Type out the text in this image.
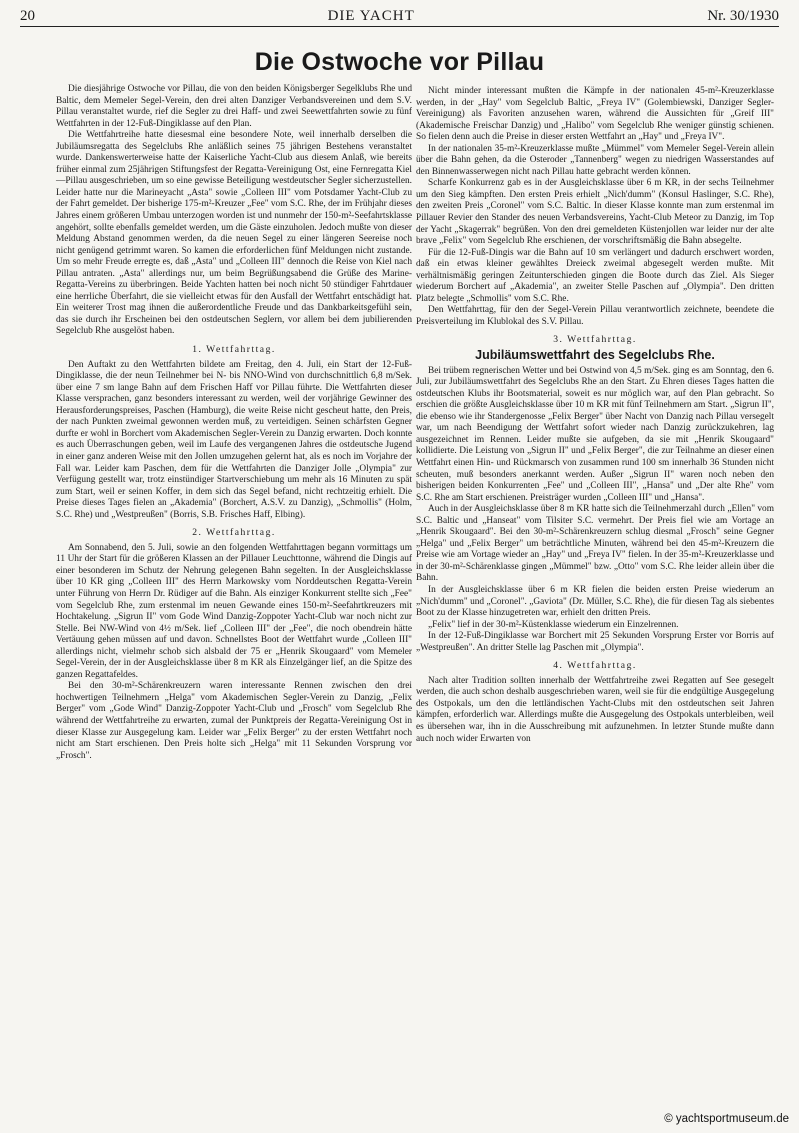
20	DIE YACHT	Nr. 30/1930
Die Ostwoche vor Pillau

Die diesjährige Ostwoche vor Pillau, die von den beiden Königsberger Segelklubs Rhe und Baltic, dem Memeler Segel-Verein, den drei alten Danziger Verbandsvereinen und dem S.V. Pillau veranstaltet wurde, rief die Segler zu drei Haff- und zwei Seewettfahrten sowie zu fünf Wettfahrten in der 12-Fuß-Dingiklasse auf den Plan.

Die Wettfahrtreihe hatte diesesmal eine besondere Note, weil innerhalb derselben die Jubiläumsregatta des Segelclubs Rhe anläßlich seines 75 jährigen Bestehens veranstaltet wurde. Dankenswerterweise hatte der Kaiserliche Yacht-Club aus diesem Anlaß, wie bereits früher einmal zum 25jährigen Stiftungsfest der Regatta-Vereinigung Ost, eine Fernregatta Kiel—Pillau ausgeschrieben, um so eine gewisse Beteiligung westdeutscher Segler sicherzustellen. Leider hatte nur die Marineyacht „Asta" sowie „Colleen III" vom Potsdamer Yacht-Club zu der Fahrt gemeldet. Der bisherige 175-m²-Kreuzer „Fee" vom S.C. Rhe, der im Frühjahr dieses Jahres einem größeren Umbau unterzogen worden ist und nunmehr der 150-m²-Seefahrtsklasse angehört, sollte ebenfalls gemeldet werden, um die Gäste einzuholen. Jedoch mußte von dieser Meldung Abstand genommen werden, da die neuen Segel zu einer längeren Seereise noch nicht genügend getrimmt waren. So kamen die erforderlichen fünf Meldungen nicht zustande. Um so mehr Freude erregte es, daß „Asta" und „Colleen III" dennoch die Reise von Kiel nach Pillau antraten. „Asta" allerdings nur, um beim Begrüßungsabend die Grüße des Marine-Regatta-Vereins zu überbringen. Beide Yachten hatten bei noch nicht 50 stündiger Fahrtdauer eine herrliche Überfahrt, die sie vielleicht etwas für den Ausfall der Wettfahrt entschädigt hat. Ein weiterer Trost mag ihnen die außerordentliche Freude und das Dankbarkeitsgefühl sein, das sie durch ihr Erscheinen bei den ostdeutschen Seglern, vor allem bei dem jubilierenden Segelclub Rhe ausgelöst haben.

1. Wettfahrttag.

Den Auftakt zu den Wettfahrten bildete am Freitag, den 4. Juli, ein Start der 12-Fuß-Dingiklasse, die der neun Teilnehmer bei N- bis NNO-Wind von durchschnittlich 6,8 m/Sek. über eine 7 sm lange Bahn auf dem Frischen Haff vor Pillau führte. Die Wettfahrten dieser Klasse versprachen, ganz besonders interessant zu werden, weil der vorjährige Gewinner des Herausforderungspreises, Paschen (Hamburg), die weite Reise nicht gescheut hatte, den Preis, der nach Punkten zweimal gewonnen werden muß, zu verteidigen. Seinen schärfsten Gegner durfte er wohl in Borchert vom Akademischen Segler-Verein zu Danzig erwarten. Doch konnte es auch Überraschungen geben, weil im Laufe des vergangenen Jahres die ostdeutsche Jugend in einer ganz anderen Weise mit den Jollen umzugehen gelernt hat, als es noch im Vorjahre der Fall war. Leider kam Paschen, dem für die Wettfahrten die Danziger Jolle „Olympia" zur Verfügung gestellt war, trotz einstündiger Startverschiebung um mehr als 16 Minuten zu spät zum Start, weil er seinen Koffer, in dem sich das Segel befand, nicht rechtzeitig erhielt. Die Preise dieses Tages fielen an „Akademia" (Borchert, A.S.V. zu Danzig), „Schmollis" (Holm, S.C. Rhe) und „Westpreußen" (Borris, S.B. Frisches Haff, Elbing).

2. Wettfahrttag.

Am Sonnabend, den 5. Juli, sowie an den folgenden Wettfahrttagen begann vormittags um 11 Uhr der Start für die größeren Klassen an der Pillauer Leuchttonne, während die Dingis auf einer besonderen im Schutz der Nehrung gelegenen Bahn segelten. In der Ausgleichsklasse über 10 KR ging „Colleen III" des Herrn Markowsky vom Norddeutschen Regatta-Verein unter Führung von Herrn Dr. Rüdiger auf die Bahn. Als einziger Konkurrent stellte sich „Fee" vom Segelclub Rhe, zum erstenmal im neuen Gewande eines 150-m²-Seefahrtkreuzers mit Hochtakelung. „Sigrun II" vom Gode Wind Danzig-Zoppoter Yacht-Club war noch nicht zur Stelle. Bei NW-Wind von 4½ m/Sek. lief „Colleen III" der „Fee", die noch obendrein hätte Vertäuung gehen müssen auf und davon. Schnellstes Boot der Wettfahrt wurde „Colleen III" allerdings nicht, vielmehr schob sich alsbald der 75 er „Henrik Skougaard" vom Memeler Segel-Verein, der in der Ausgleichsklasse über 8 m KR als Einzelgänger lief, an die Spitze des ganzen Regattafeldes.

Bei den 30-m²-Schärenkreuzern waren interessante Rennen zwischen den drei hochwertigen Teilnehmern „Helga" vom Akademischen Segler-Verein zu Danzig, „Felix Berger" vom „Gode Wind" Danzig-Zoppoter Yacht-Club und „Frosch" vom Segelclub Rhe während der Wettfahrtreihe zu erwarten, zumal der Punktpreis der Regatta-Vereinigung Ost in dieser Klasse zur Ausgegelung kam. Leider war „Felix Berger" zu der ersten Wettfahrt noch nicht am Start erschienen. Den Preis holte sich „Helga" mit 11 Sekunden Vorsprung vor „Frosch".

Nicht minder interessant mußten die Kämpfe in der nationalen 45-m²-Kreuzerklasse werden, in der „Hay" vom Segelclub Baltic, „Freya IV" (Golembiewski, Danziger Segler-Vereinigung) als Favoriten anzusehen waren, während die Aussichten für „Greif III" (Akademische Freischar Danzig) und „Halibo" vom Segelclub Rhe weniger günstig schienen. So fielen denn auch die Preise in dieser ersten Wettfahrt an „Hay" und „Freya IV".

In der nationalen 35-m²-Kreuzerklasse mußte „Mümmel" vom Memeler Segel-Verein allein über die Bahn gehen, da die Osteroder „Tannenberg" wegen zu niedrigen Wasserstandes auf den Binnenwasserwegen nicht nach Pillau hatte gebracht werden können.

Scharfe Konkurrenz gab es in der Ausgleichsklasse über 6 m KR, in der sechs Teilnehmer um den Sieg kämpften. Den ersten Preis erhielt „Nich'dumm" (Konsul Haslinger, S.C. Rhe), den zweiten Preis „Coronel" vom S.C. Baltic. In dieser Klasse konnte man zum erstenmal im Pillauer Revier den Stander des neuen Verbandsvereins, Yacht-Club Meteor zu Danzig, im Top der Yacht „Skagerrak" begrüßen. Von den drei gemeldeten Küstenjollen war leider nur der alte brave „Felix" vom Segelclub Rhe erschienen, der vorschriftsmäßig die Bahn absegelte.

Für die 12-Fuß-Dingis war die Bahn auf 10 sm verlängert und dadurch erschwert worden, daß ein etwas kleiner gewähltes Dreieck zweimal abgesegelt werden mußte. Mit verhältnismäßig geringen Zeitunterschieden gingen die Boote durch das Ziel. Als Sieger wiederum Borchert auf „Akademia", an zweiter Stelle Paschen auf „Olympia". Den dritten Platz belegte „Schmollis" vom S.C. Rhe.

Den Wettfahrttag, für den der Segel-Verein Pillau verantwortlich zeichnete, beendete die Preisverteilung im Klublokal des S.V. Pillau.

3. Wettfahrttag.
Jubiläumswettfahrt des Segelclubs Rhe.

Bei trübem regnerischen Wetter und bei Ostwind von 4,5 m/Sek. ging es am Sonntag, den 6. Juli, zur Jubiläumswettfahrt des Segelclubs Rhe an den Start. Zu Ehren dieses Tages hatten die ostdeutschen Klubs ihr Bootsmaterial, soweit es nur möglich war, auf den Plan gebracht. So erschien die größte Ausgleichsklasse über 10 m KR mit fünf Teilnehmern am Start. „Sigrun II", die ebenso wie ihr Standergenosse „Felix Berger" über Nacht von Danzig nach Pillau versegelt war, um nach Beendigung der Wettfahrt sofort wieder nach Danzig zurückzukehren, lag ausgezeichnet im Rennen. Leider mußte sie aufgeben, da sie mit „Henrik Skougaard" kollidierte. Die Leistung von „Sigrun II" und „Felix Berger", die zur Teilnahme an dieser einen Wettfahrt einen Hin- und Rückmarsch von zusammen rund 100 sm innerhalb 36 Stunden nicht scheuten, muß besonders anerkannt werden. Außer „Sigrun II" waren noch neben den bisherigen beiden Konkurrenten „Fee" und „Colleen III", „Hansa" und „Der alte Rhe" vom S.C. Rhe am Start erschienen. Preisträger wurden „Colleen III" und „Hansa".

Auch in der Ausgleichsklasse über 8 m KR hatte sich die Teilnehmerzahl durch „Ellen" vom S.C. Baltic und „Hanseat" vom Tilsiter S.C. vermehrt. Der Preis fiel wie am Vortage an „Henrik Skougaard". Bei den 30-m²-Schärenkreuzern schlug diesmal „Frosch" seine Gegner „Helga" und „Felix Berger" um beträchtliche Minuten, während bei den 45-m²-Kreuzern die Preise wie am Vortage wieder an „Hay" und „Freya IV" fielen. In der 35-m²-Kreuzerklasse und in der 30-m²-Schärenklasse gingen „Mümmel" bzw. „Otto" vom S.C. Rhe leider allein über die Bahn.

In der Ausgleichsklasse über 6 m KR fielen die beiden ersten Preise wiederum an „Nich'dumm" und „Coronel". „Gaviota" (Dr. Müller, S.C. Rhe), die für diesen Tag als siebentes Boot zu der Klasse hinzugetreten war, erhielt den dritten Preis.

„Felix" lief in der 30-m²-Küstenklasse wiederum ein Einzelrennen.

In der 12-Fuß-Dingiklasse war Borchert mit 25 Sekunden Vorsprung Erster vor Borris auf „Westpreußen". An dritter Stelle lag Paschen mit „Olympia".

4. Wettfahrttag.

Nach alter Tradition sollten innerhalb der Wettfahrtreihe zwei Regatten auf See gesegelt werden, die auch schon deshalb ausgeschrieben waren, weil sie für die endgültige Ausgegelung des Ostpokals, um den die lettländischen Yacht-Clubs mit den ostdeutschen seit Jahren kämpfen, erforderlich war. Allerdings mußte die Ausgegelung des Ostpokals unterbleiben, weil es übersehen war, ihn in die Ausschreibung mit aufzunehmen. In letzter Stunde mußte dann auch noch wider Erwarten von

© yachtsportmuseum.de
